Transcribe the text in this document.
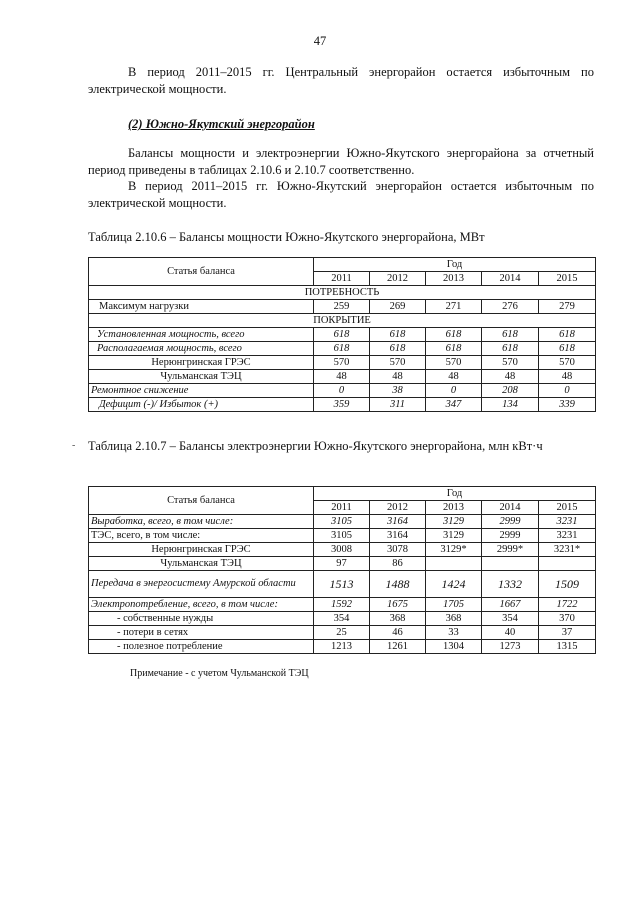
47

В период 2011–2015 гг. Центральный энергорайон остается избыточным по электрической мощности.

(2) Южно-Якутский энергорайон

Балансы мощности и электроэнергии Южно-Якутского энергорайона за отчетный период приведены в таблицах 2.10.6 и 2.10.7 соответственно.

В период 2011–2015 гг. Южно-Якутский энергорайон остается избыточным по электрической мощности.

Таблица 2.10.6 – Балансы мощности Южно-Якутского энергорайона, МВт

Статья баланса	Год				
	2011	2012	2013	2014	2015
ПОТРЕБНОСТЬ					
Максимум нагрузки	259	269	271	276	279
ПОКРЫТИЕ					
Установленная мощность, всего	618	618	618	618	618
Располагаемая мощность, всего	618	618	618	618	618
Нерюнгринская ГРЭС	570	570	570	570	570
Чульманская ТЭЦ	48	48	48	48	48
Ремонтное снижение	0	38	0	208	0
Дефицит (-)/ Избыток (+)	359	311	347	134	339
- Таблица 2.10.7 – Балансы электроэнергии Южно-Якутского энергорайона, млн кВт·ч

Статья баланса	Год				
	2011	2012	2013	2014	2015
Выработка, всего, в том числе:	3105	3164	3129	2999	3231
ТЭС, всего, в том числе:	3105	3164	3129	2999	3231
Нерюнгринская ГРЭС	3008	3078	3129*	2999*	3231*
Чульманская ТЭЦ	97	86			
Передача в энергосистему Амурской области	1513	1488	1424	1332	1509
Электропотребление, всего, в том числе:	1592	1675	1705	1667	1722
- собственные нужды	354	368	368	354	370
- потери в сетях	25	46	33	40	37
- полезное потребление	1213	1261	1304	1273	1315
Примечание - с учетом Чульманской ТЭЦ
